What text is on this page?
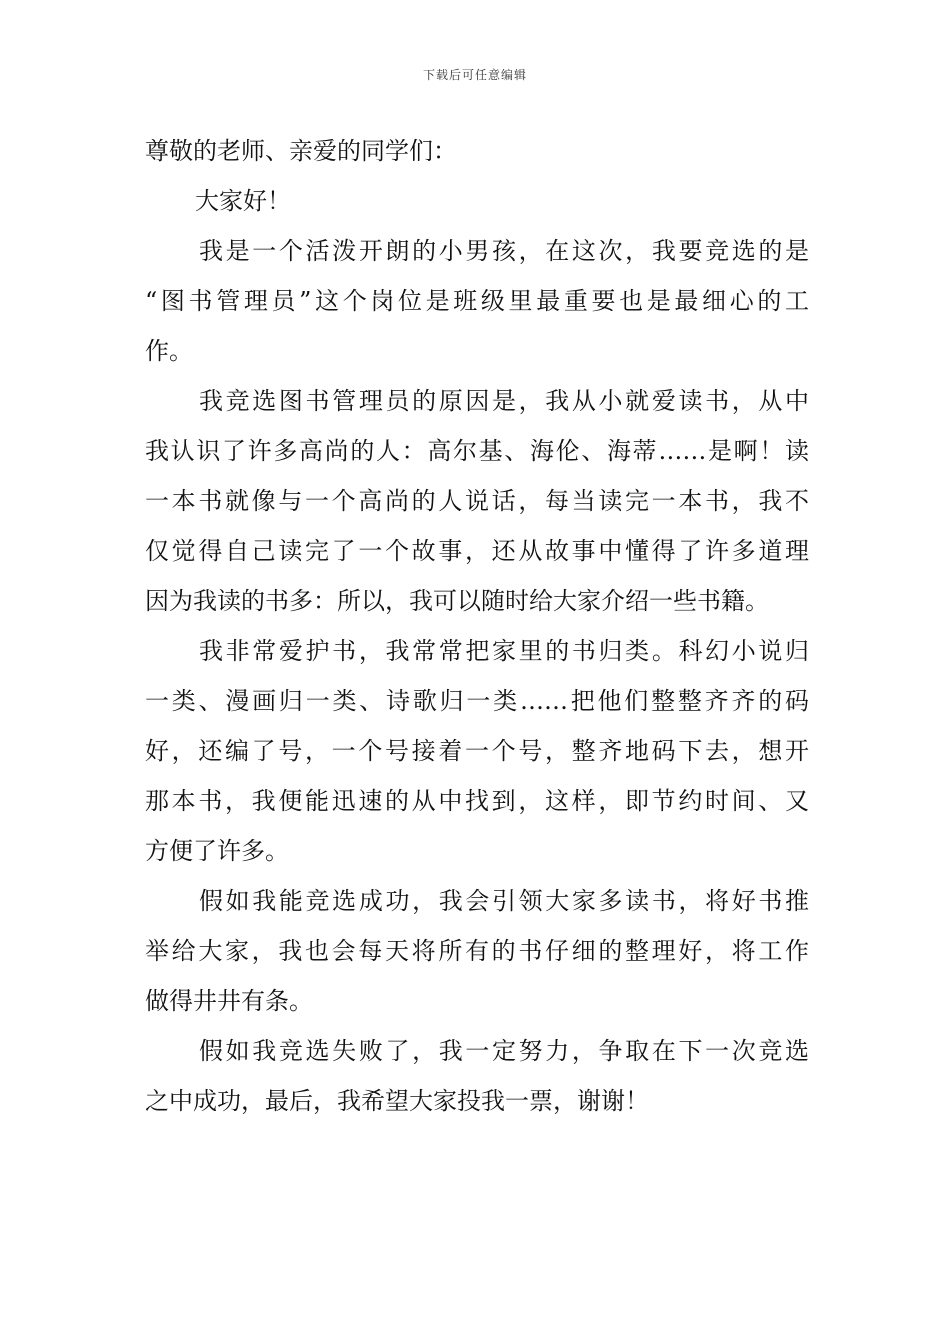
下载后可任意编辑

尊敬的老师、亲爱的同学们：

大家好！

我是一个活泼开朗的小男孩，在这次，我要竞选的是
“图书管理员”这个岗位是班级里最重要也是最细心的工
作。
我竞选图书管理员的原因是，我从小就爱读书，从中
我认识了许多高尚的人：高尔基、海伦、海蒂……是啊！读
一本书就像与一个高尚的人说话，每当读完一本书，我不
仅觉得自己读完了一个故事，还从故事中懂得了许多道理
因为我读的书多：所以，我可以随时给大家介绍一些书籍。
我非常爱护书，我常常把家里的书归类。科幻小说归
一类、漫画归一类、诗歌归一类……把他们整整齐齐的码
好，还编了号，一个号接着一个号，整齐地码下去，想开
那本书，我便能迅速的从中找到，这样，即节约时间、又
方便了许多。
假如我能竞选成功，我会引领大家多读书，将好书推
举给大家，我也会每天将所有的书仔细的整理好，将工作
做得井井有条。
假如我竞选失败了，我一定努力，争取在下一次竞选
之中成功，最后，我希望大家投我一票，谢谢！
